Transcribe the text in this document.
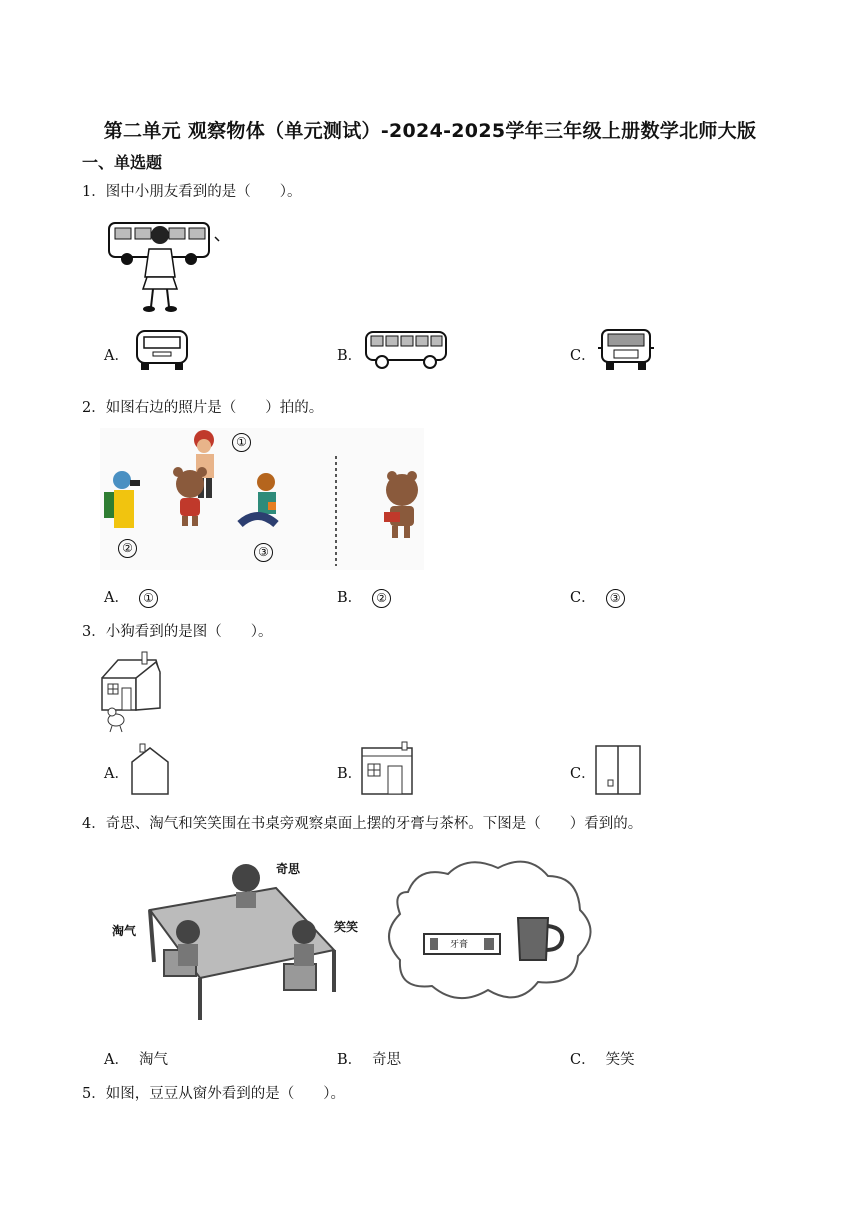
第二单元 观察物体（单元测试）-2024-2025学年三年级上册数学北师大版
一、单选题
1．图中小朋友看到的是（　　）。
A．	B．	C．
2．如图右边的照片是（　　）拍的。
①
②	③
A． ①	B． ②	C． ③
3．小狗看到的是图（　　）。
A．	B．	C．
4．奇思、淘气和笑笑围在书桌旁观察桌面上摆的牙膏与茶杯。下图是（　　）看到的。
奇思
淘气	笑笑
牙膏
A． 淘气	B． 奇思	C． 笑笑
5．如图，豆豆从窗外看到的是（　　）。
